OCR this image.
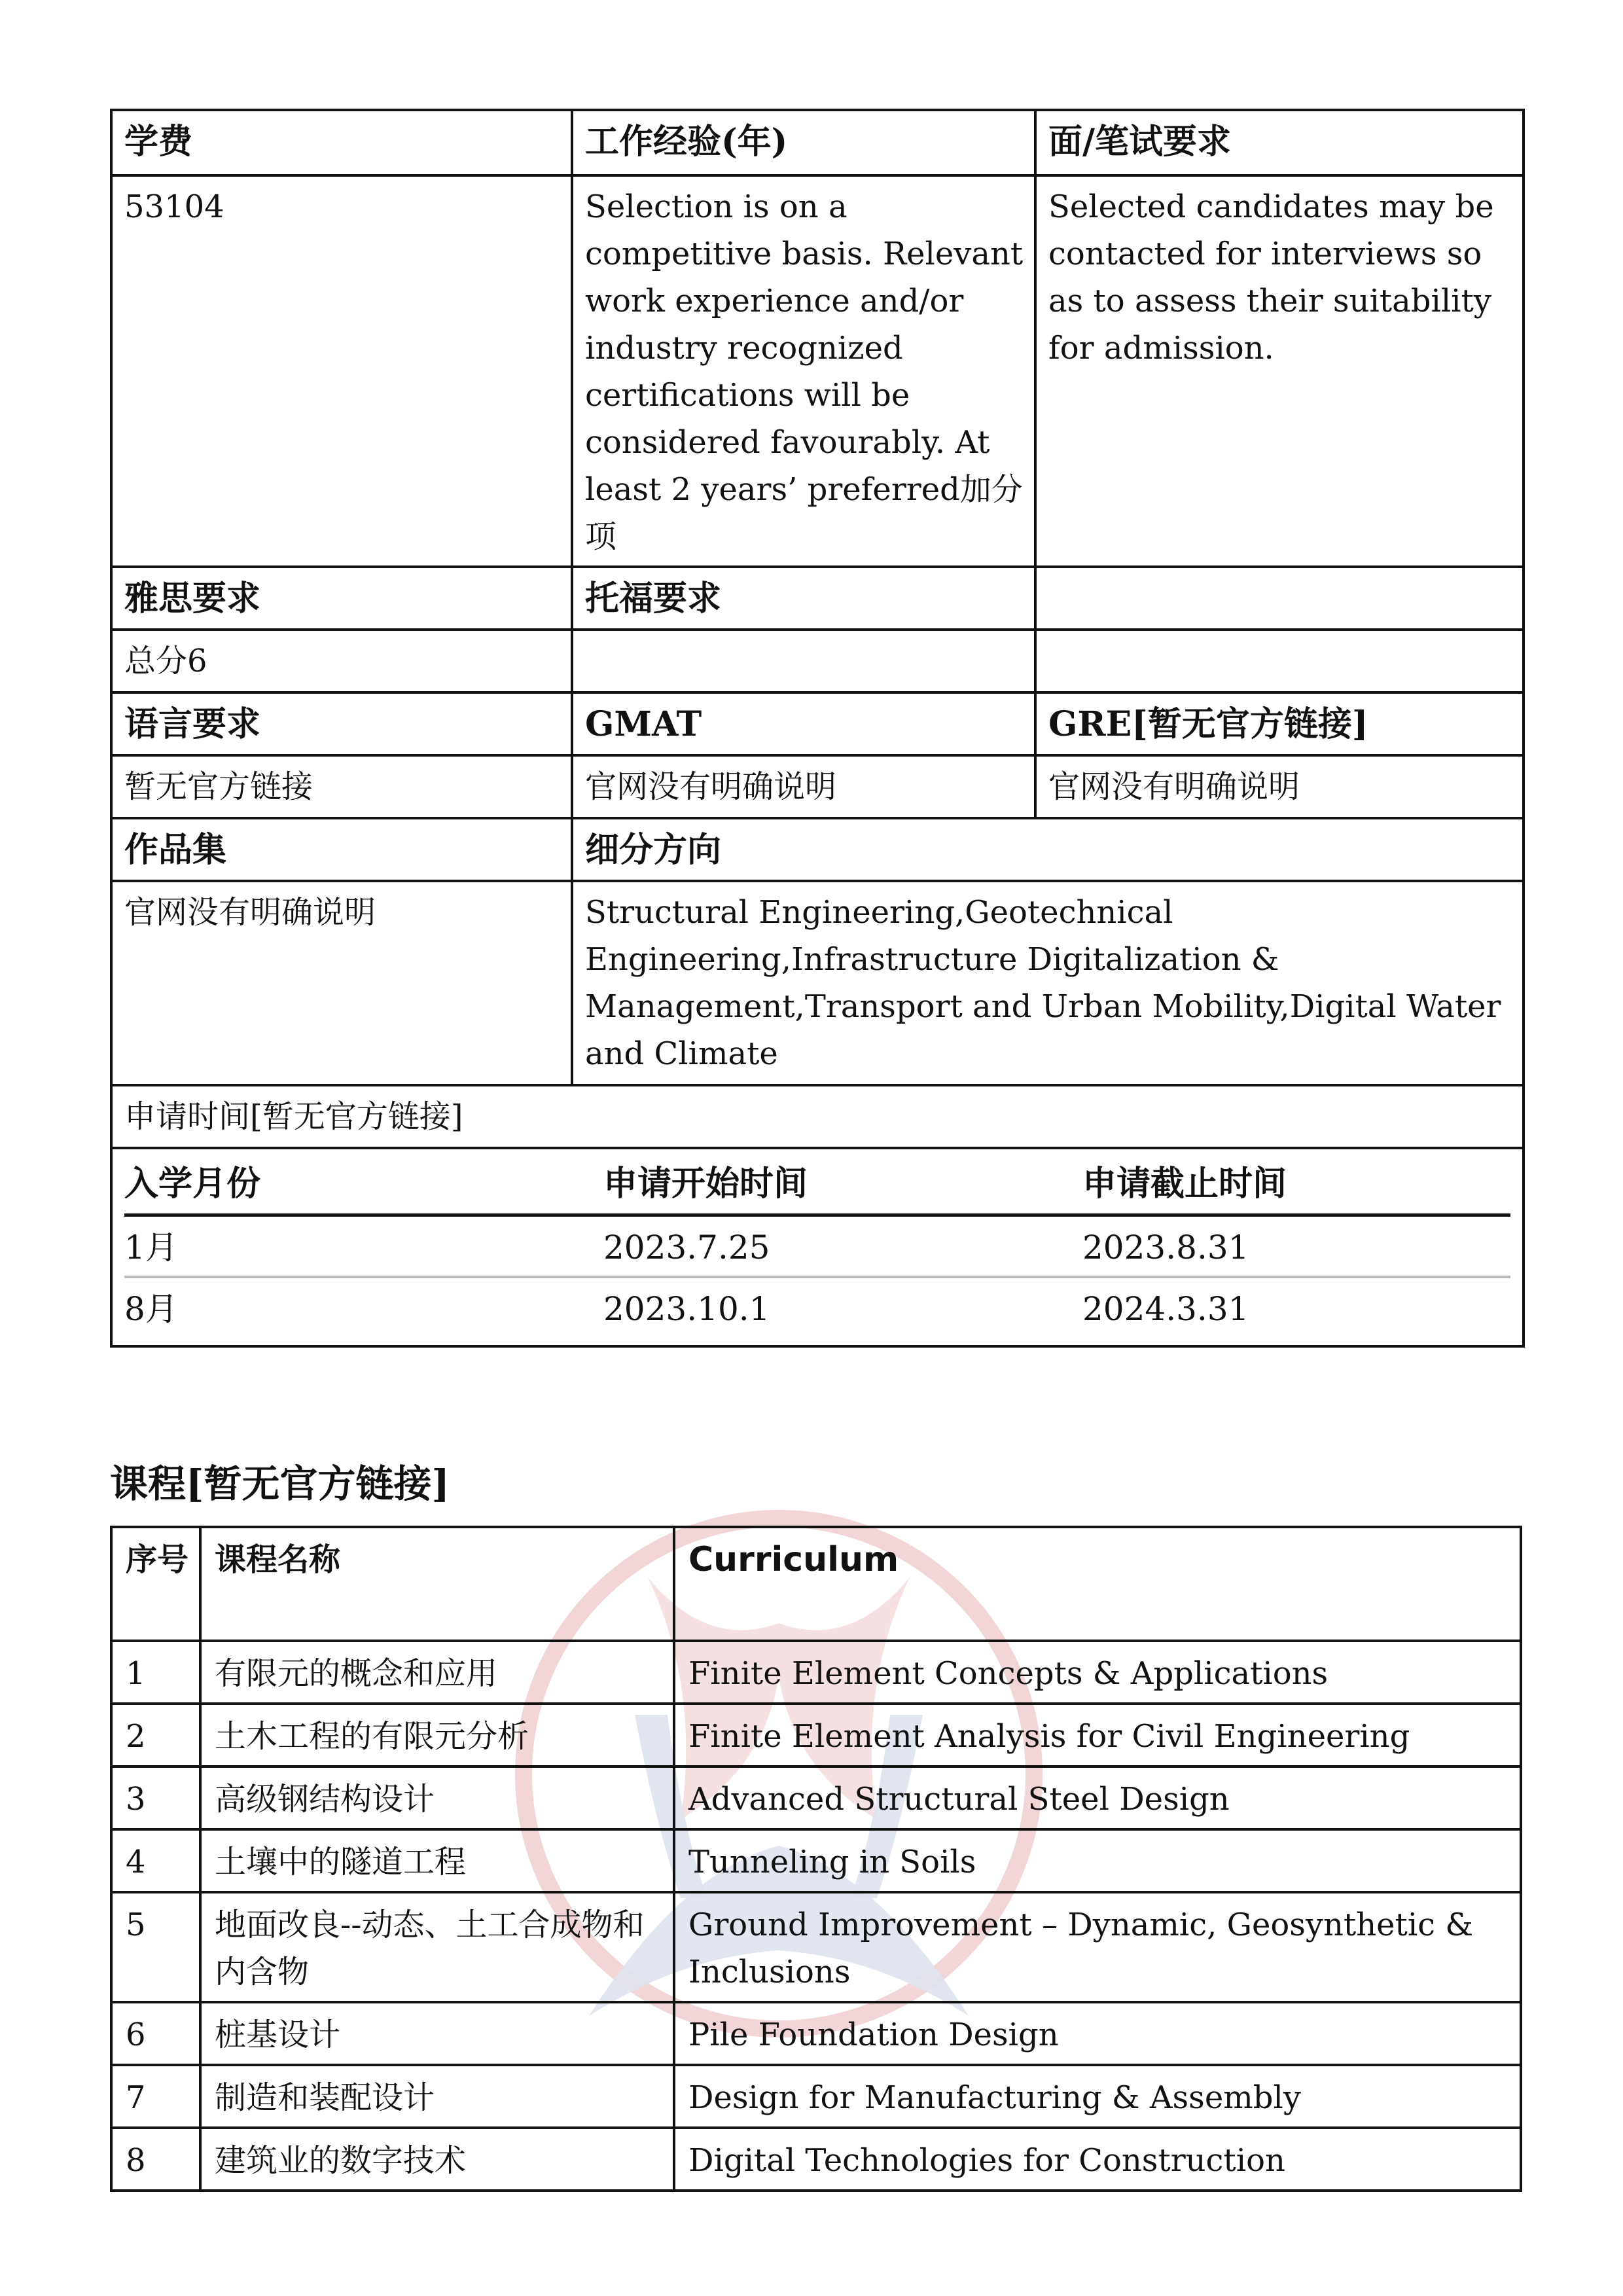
学费	工作经验(年)	面/笔试要求
53104	Selection is on a competitive basis. Relevant work experience and/or industry recognized certifications will be considered favourably. At least 2 years’ preferred加分项	Selected candidates may be contacted for interviews so as to assess their suitability for admission.
雅思要求	托福要求	
总分6		
语言要求	GMAT	GRE[暂无官方链接]
暂无官方链接	官网没有明确说明	官网没有明确说明
作品集	细分方向
官网没有明确说明	Structural Engineering,Geotechnical Engineering,Infrastructure Digitalization & Management,Transport and Urban Mobility,Digital Water and Climate
申请时间[暂无官方链接]

入学月份	申请开始时间	申请截止时间
1月	2023.7.25	2023.8.31
8月	2023.10.1	2024.3.31
课程[暂无官方链接]
序号	课程名称	Curriculum
1	有限元的概念和应用	Finite Element Concepts & Applications
2	土木工程的有限元分析	Finite Element Analysis for Civil Engineering
3	高级钢结构设计	Advanced Structural Steel Design
4	土壤中的隧道工程	Tunneling in Soils
5	地面改良--动态、土工合成物和内含物	Ground Improvement – Dynamic, Geosynthetic & Inclusions
6	桩基设计	Pile Foundation Design
7	制造和装配设计	Design for Manufacturing & Assembly
8	建筑业的数字技术	Digital Technologies for Construction
